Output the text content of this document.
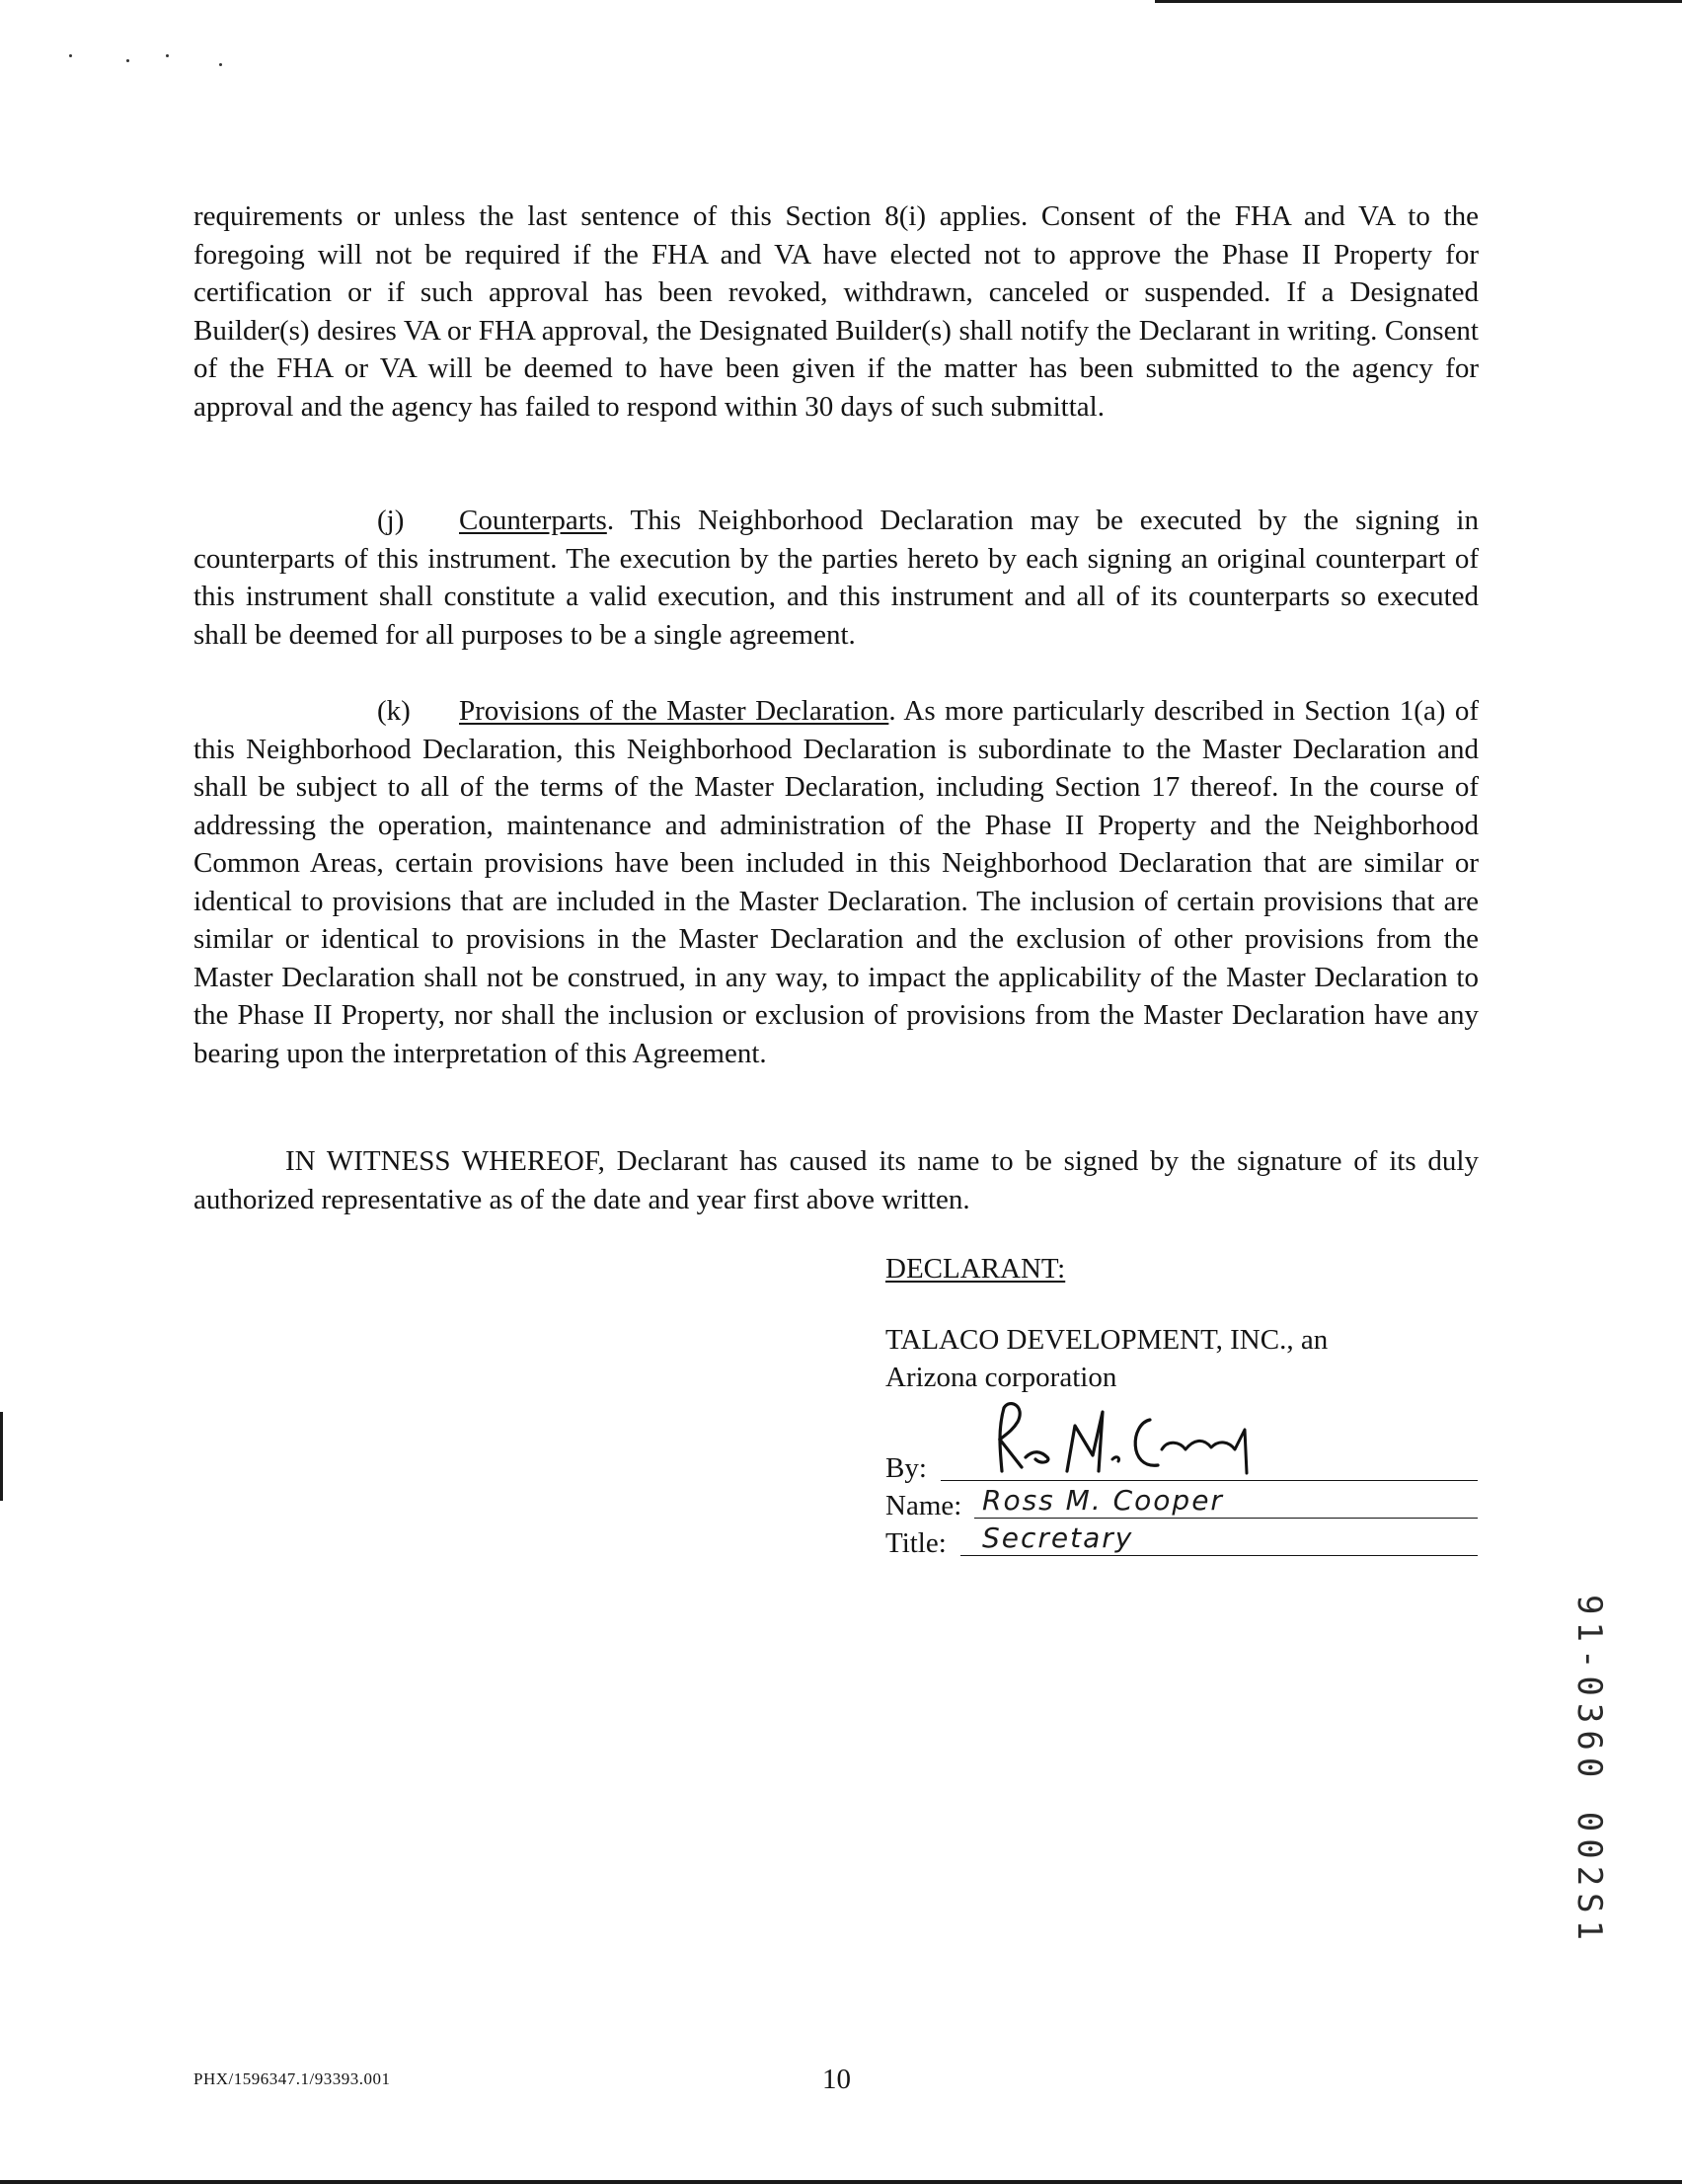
requirements or unless the last sentence of this Section 8(i) applies. Consent of the FHA and VA to the foregoing will not be required if the FHA and VA have elected not to approve the Phase II Property for certification or if such approval has been revoked, withdrawn, canceled or suspended. If a Designated Builder(s) desires VA or FHA approval, the Designated Builder(s) shall notify the Declarant in writing. Consent of the FHA or VA will be deemed to have been given if the matter has been submitted to the agency for approval and the agency has failed to respond within 30 days of such submittal.

(j) Counterparts. This Neighborhood Declaration may be executed by the signing in counterparts of this instrument. The execution by the parties hereto by each signing an original counterpart of this instrument shall constitute a valid execution, and this instrument and all of its counterparts so executed shall be deemed for all purposes to be a single agreement.

(k) Provisions of the Master Declaration. As more particularly described in Section 1(a) of this Neighborhood Declaration, this Neighborhood Declaration is subordinate to the Master Declaration and shall be subject to all of the terms of the Master Declaration, including Section 17 thereof. In the course of addressing the operation, maintenance and administration of the Phase II Property and the Neighborhood Common Areas, certain provisions have been included in this Neighborhood Declaration that are similar or identical to provisions that are included in the Master Declaration. The inclusion of certain provisions that are similar or identical to provisions in the Master Declaration and the exclusion of other provisions from the Master Declaration shall not be construed, in any way, to impact the applicability of the Master Declaration to the Phase II Property, nor shall the inclusion or exclusion of provisions from the Master Declaration have any bearing upon the interpretation of this Agreement.

IN WITNESS WHEREOF, Declarant has caused its name to be signed by the signature of its duly authorized representative as of the date and year first above written.

DECLARANT:
TALACO DEVELOPMENT, INC., an
Arizona corporation
By:
Name: Ross M. Cooper
Title: Secretary
91-0360 002S1
PHX/1596347.1/93393.001	10
